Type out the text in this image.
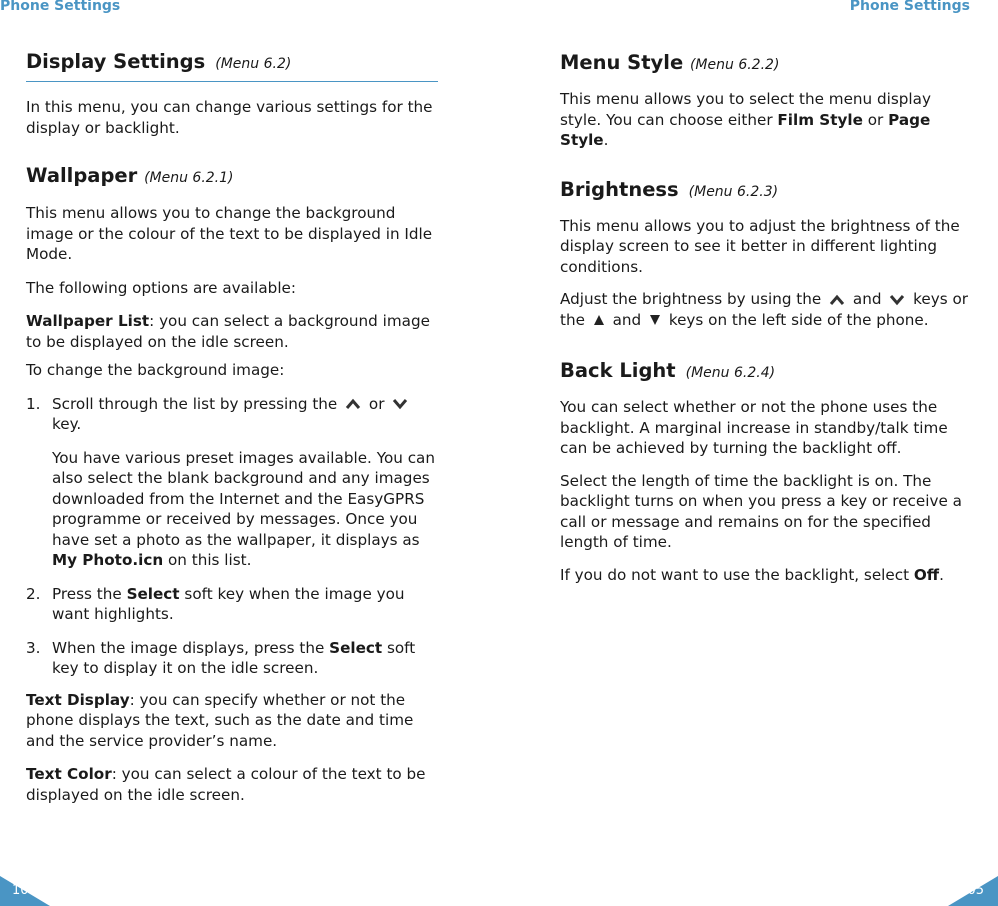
Phone Settings	Phone Settings
Display Settings (Menu 6.2)

In this menu, you can change various settings for the display or backlight.

Wallpaper (Menu 6.2.1)

This menu allows you to change the background image or the colour of the text to be displayed in Idle Mode.

The following options are available:

Wallpaper List: you can select a background image to be displayed on the idle screen.

To change the background image:

1. Scroll through the list by pressing the or  key.

You have various preset images available. You can also select the blank background and any images downloaded from the Internet and the EasyGPRS programme or received by messages. Once you have set a photo as the wallpaper, it displays as My Photo.icn on this list.

2. Press the Select soft key when the image you want highlights.
3. When the image displays, press the Select soft key to display it on the idle screen.

Text Display: you can specify whether or not the phone displays the text, such as the date and time and the service provider’s name.

Text Color: you can select a colour of the text to be displayed on the idle screen.

Menu Style (Menu 6.2.2)

This menu allows you to select the menu display style. You can choose either Film Style or Page Style.

Brightness (Menu 6.2.3)

This menu allows you to adjust the brightness of the display screen to see it better in different lighting conditions.

Adjust the brightness by using the and keys or the and keys on the left side of the phone.

Back Light (Menu 6.2.4)

You can select whether or not the phone uses the backlight. A marginal increase in standby/talk time can be achieved by turning the backlight off.

Select the length of time the backlight is on. The backlight turns on when you press a key or receive a call or message and remains on for the specified length of time.

If you do not want to use the backlight, select Off.

104	105
